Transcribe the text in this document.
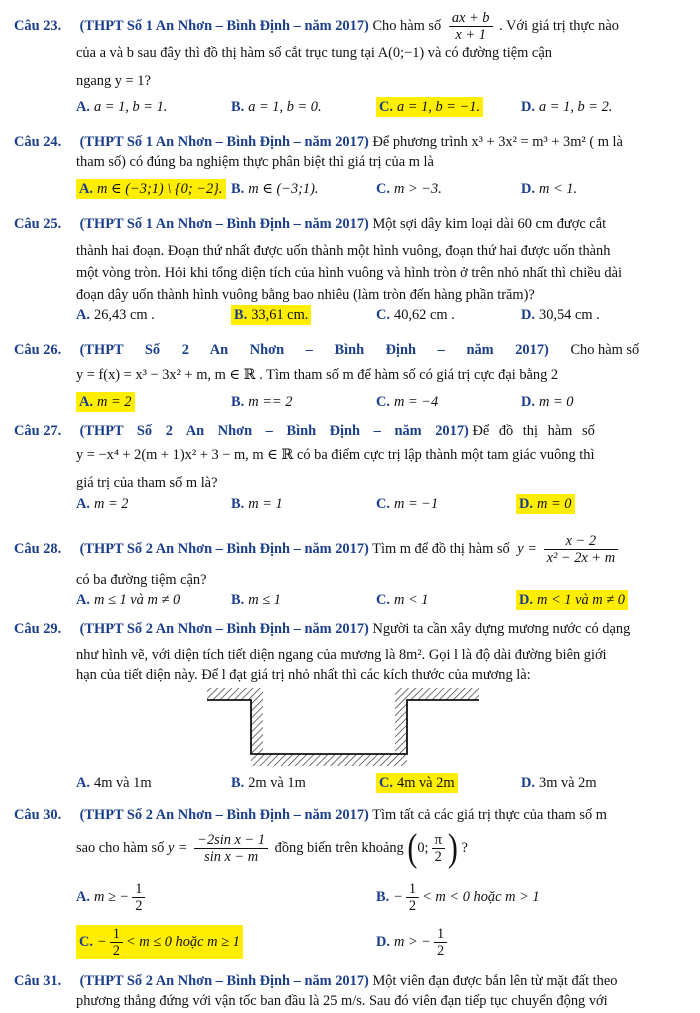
Câu 23. (THPT Số 1 An Nhơn – Bình Định – năm 2017) Cho hàm số $\frac{ax + b}{x + 1}$ . Với giá trị thực nào
của a và b sau đây thì đồ thị hàm số cắt trục tung tại A(0;−1) và có đường tiệm cận
ngang y = 1?
A. a = 1, b = 1.	B. a = 1, b = 0.	C. a = 1, b = −1.	D. a = 1, b = 2.
Câu 24. (THPT Số 1 An Nhơn – Bình Định – năm 2017) Để phương trình x³ + 3x² = m³ + 3m² ( m là
tham số) có đúng ba nghiệm thực phân biệt thì giá trị của m là
A. m ∈ (−3;1) \ {0; −2}. B. m ∈ (−3;1).	C. m > −3.	D. m < 1.
Câu 25. (THPT Số 1 An Nhơn – Bình Định – năm 2017) Một sợi dây kim loại dài 60 cm được cắt
thành hai đoạn. Đoạn thứ nhất được uốn thành một hình vuông, đoạn thứ hai được uốn thành
một vòng tròn. Hỏi khi tổng diện tích của hình vuông và hình tròn ở trên nhỏ nhất thì chiều dài
đoạn dây uốn thành hình vuông bằng bao nhiêu (làm tròn đến hàng phần trăm)?
A. 26,43 cm .	B. 33,61 cm.	C. 40,62 cm .	D. 30,54 cm .
Câu 26. (THPT Số 2 An Nhơn – Bình Định – năm 2017) Cho hàm số
y = f(x) = x³ − 3x² + m, m ∈ ℝ . Tìm tham số m để hàm số có giá trị cực đại bằng 2
A. m = 2	B. m == 2	C. m = −4	D. m = 0
Câu 27. (THPT Số 2 An Nhơn – Bình Định – năm 2017) Để đồ thị hàm số
y = −x⁴ + 2(m + 1)x² + 3 − m, m ∈ ℝ có ba điểm cực trị lập thành một tam giác vuông thì
giá trị của tham số m là?
A. m = 2	B. m = 1	C. m = −1	D. m = 0
Câu 28. (THPT Số 2 An Nhơn – Bình Định – năm 2017) Tìm m để đồ thị hàm số $y = \frac{x - 2}{\text{x² − 2x + m}}$
có ba đường tiệm cận?
A. m ≤ 1 và m ≠ 0	B. m ≤ 1	C. m < 1	D. m < 1 và m ≠ 0
Câu 29. (THPT Số 2 An Nhơn – Bình Định – năm 2017) Người ta cần xây dựng mương nước có dạng
như hình vẽ, với diện tích tiết diện ngang của mương là 8m². Gọi l là độ dài đường biên giới
hạn của tiết diện này. Để l đạt giá trị nhỏ nhất thì các kích thước của mương là:
A. 4m và 1m	B. 2m và 1m	C. 4m và 2m	D. 3m và 2m
Câu 30. (THPT Số 2 An Nhơn – Bình Định – năm 2017) Tìm tất cả các giá trị thực của tham số m
sao cho hàm số $y = \frac{\text{−2sin x − 1}}{\text{sin x − m}}$ đồng biến trên khoảng (0; $\frac{\pi}{2}$ ) ?
A. m ≥ − $\frac{1}{2}$	B. − $\frac{1}{2} < m < 0$ hoặc m > 1
C. − $\frac{1}{2} < m \le 0$ hoặc m ≥ 1	D. m > − $\frac{1}{2}$
Câu 31. (THPT Số 2 An Nhơn – Bình Định – năm 2017) Một viên đạn được bắn lên từ mặt đất theo
phương thẳng đứng với vận tốc ban đầu là 25 m/s. Sau đó viên đạn tiếp tục chuyển động với
